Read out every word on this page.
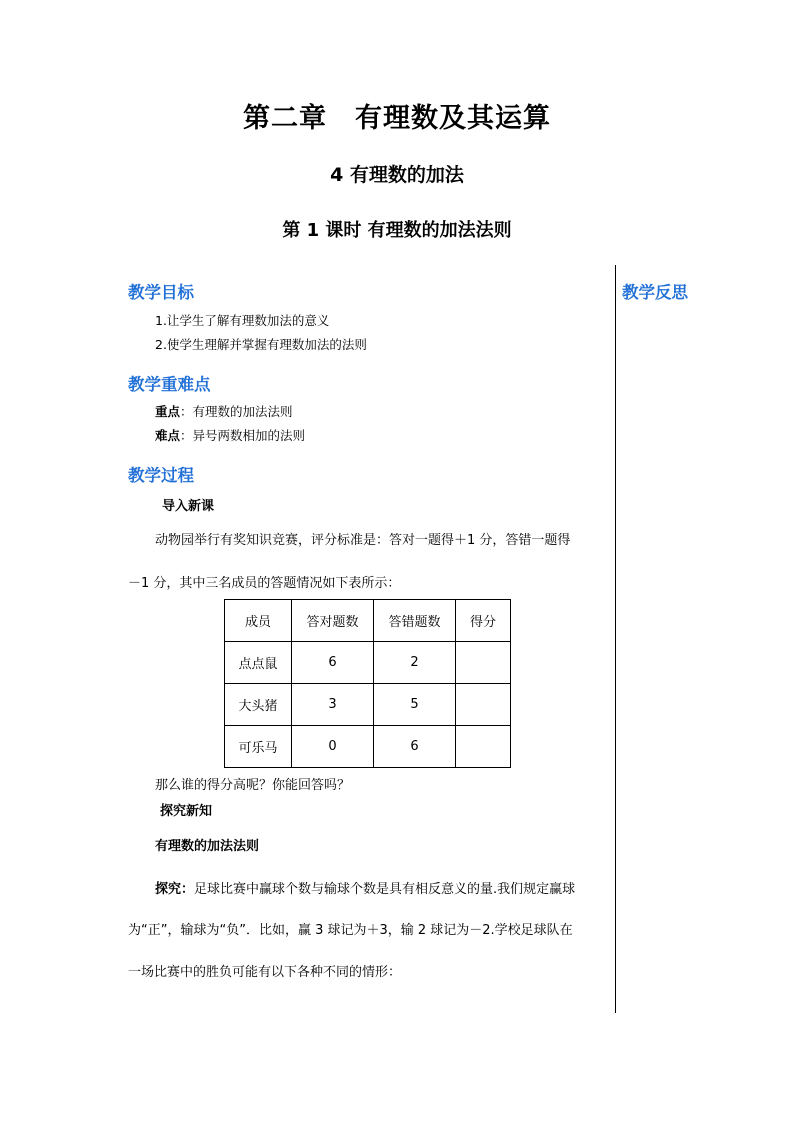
第二章　有理数及其运算
4 有理数的加法
第 1 课时 有理数的加法法则
教学反思
教学目标
1.让学生了解有理数加法的意义
2.使学生理解并掌握有理数加法的法则
教学重难点
重点：有理数的加法法则
难点：异号两数相加的法则
教学过程
导入新课
动物园举行有奖知识竞赛，评分标准是：答对一题得＋1 分，答错一题得
－1 分，其中三名成员的答题情况如下表所示：
成员	答对题数	答错题数	得分
点点鼠	6	2	
大头猪	3	5	
可乐马	0	6	
那么谁的得分高呢？你能回答吗？
探究新知
有理数的加法法则
探究：足球比赛中赢球个数与输球个数是具有相反意义的量.我们规定赢球
为“正”，输球为“负”．比如，赢 3 球记为＋3，输 2 球记为－2.学校足球队在
一场比赛中的胜负可能有以下各种不同的情形：
